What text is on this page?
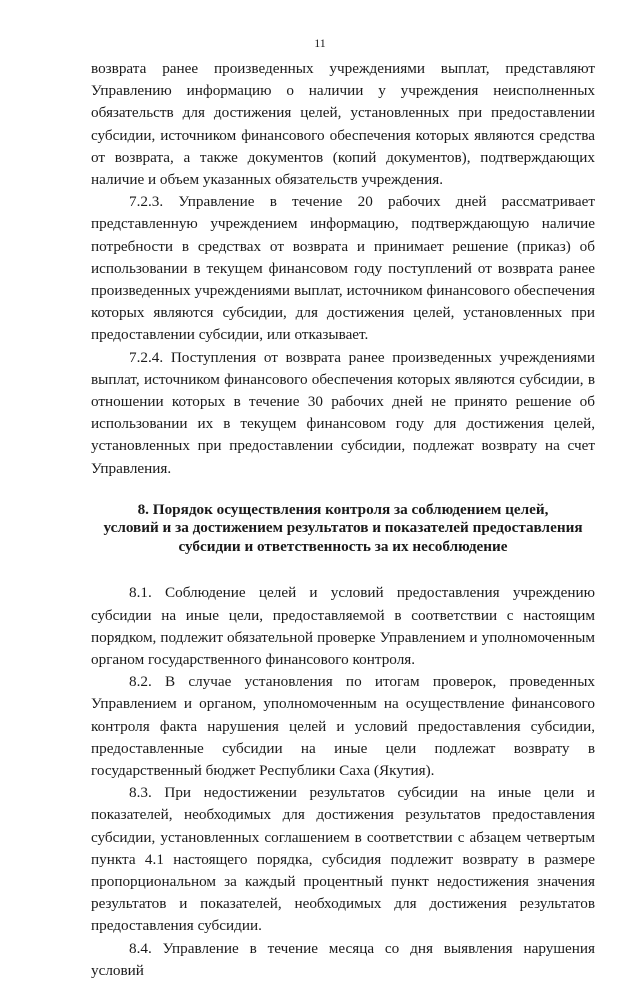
11

возврата ранее произведенных учреждениями выплат, представляют Управлению информацию о наличии у учреждения неисполненных обязательств для достижения целей, установленных при предоставлении субсидии, источником финансового обеспечения которых являются средства от возврата, а также документов (копий документов), подтверждающих наличие и объем указанных обязательств учреждения.

7.2.3. Управление в течение 20 рабочих дней рассматривает представленную учреждением информацию, подтверждающую наличие потребности в средствах от возврата и принимает решение (приказ) об использовании в текущем финансовом году поступлений от возврата ранее произведенных учреждениями выплат, источником финансового обеспечения которых являются субсидии, для достижения целей, установленных при предоставлении субсидии, или отказывает.

7.2.4. Поступления от возврата ранее произведенных учреждениями выплат, источником финансового обеспечения которых являются субсидии, в отношении которых в течение 30 рабочих дней не принято решение об использовании их в текущем финансовом году для достижения целей, установленных при предоставлении субсидии, подлежат возврату на счет Управления.

8. Порядок осуществления контроля за соблюдением целей,
условий и за достижением результатов и показателей предоставления
субсидии и ответственность за их несоблюдение

8.1. Соблюдение целей и условий предоставления учреждению субсидии на иные цели, предоставляемой в соответствии с настоящим порядком, подлежит обязательной проверке Управлением и уполномоченным органом государственного финансового контроля.

8.2. В случае установления по итогам проверок, проведенных Управлением и органом, уполномоченным на осуществление финансового контроля факта нарушения целей и условий предоставления субсидии, предоставленные субсидии на иные цели подлежат возврату в государственный бюджет Республики Саха (Якутия).

8.3. При недостижении результатов субсидии на иные цели и показателей, необходимых для достижения результатов предоставления субсидии, установленных соглашением в соответствии с абзацем четвертым пункта 4.1 настоящего порядка, субсидия подлежит возврату в размере пропорциональном за каждый процентный пункт недостижения значения результатов и показателей, необходимых для достижения результатов предоставления субсидии.

8.4. Управление в течение месяца со дня выявления нарушения условий
